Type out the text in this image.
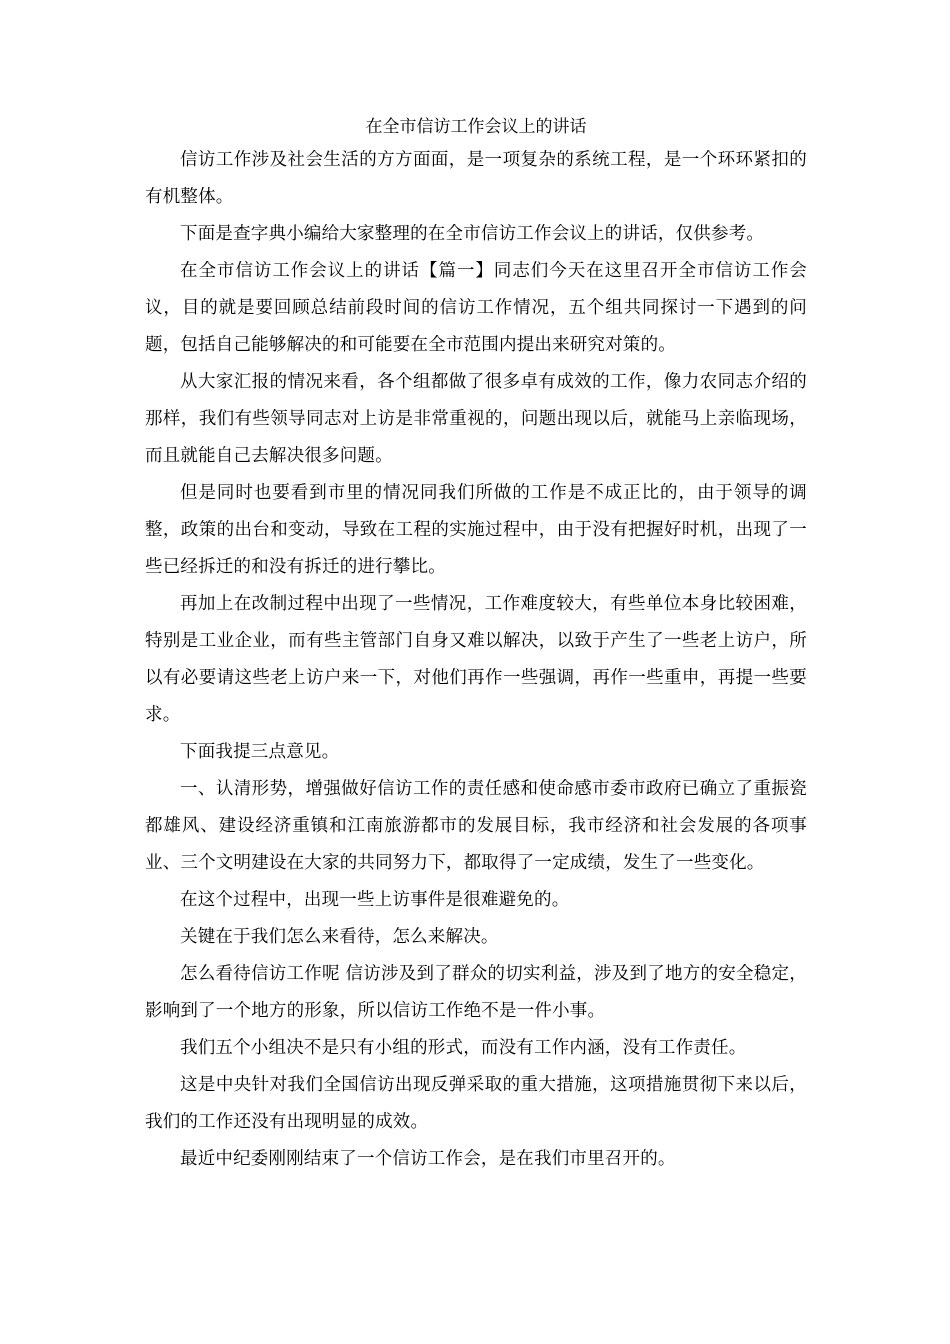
在全市信访工作会议上的讲话

信访工作涉及社会生活的方方面面，是一项复杂的系统工程，是一个环环紧扣的有机整体。

下面是查字典小编给大家整理的在全市信访工作会议上的讲话，仅供参考。

在全市信访工作会议上的讲话【篇一】同志们今天在这里召开全市信访工作会议，目的就是要回顾总结前段时间的信访工作情况，五个组共同探讨一下遇到的问题，包括自己能够解决的和可能要在全市范围内提出来研究对策的。

从大家汇报的情况来看，各个组都做了很多卓有成效的工作，像力农同志介绍的那样，我们有些领导同志对上访是非常重视的，问题出现以后，就能马上亲临现场，而且就能自己去解决很多问题。

但是同时也要看到市里的情况同我们所做的工作是不成正比的，由于领导的调整，政策的出台和变动，导致在工程的实施过程中，由于没有把握好时机，出现了一些已经拆迁的和没有拆迁的进行攀比。

再加上在改制过程中出现了一些情况，工作难度较大，有些单位本身比较困难，特别是工业企业，而有些主管部门自身又难以解决，以致于产生了一些老上访户，所以有必要请这些老上访户来一下，对他们再作一些强调，再作一些重申，再提一些要求。

下面我提三点意见。

一、认清形势，增强做好信访工作的责任感和使命感市委市政府已确立了重振瓷都雄风、建设经济重镇和江南旅游都市的发展目标，我市经济和社会发展的各项事业、三个文明建设在大家的共同努力下，都取得了一定成绩，发生了一些变化。

在这个过程中，出现一些上访事件是很难避免的。

关键在于我们怎么来看待，怎么来解决。

怎么看待信访工作呢 信访涉及到了群众的切实利益，涉及到了地方的安全稳定，影响到了一个地方的形象，所以信访工作绝不是一件小事。

我们五个小组决不是只有小组的形式，而没有工作内涵，没有工作责任。

这是中央针对我们全国信访出现反弹采取的重大措施，这项措施贯彻下来以后，我们的工作还没有出现明显的成效。

最近中纪委刚刚结束了一个信访工作会，是在我们市里召开的。
